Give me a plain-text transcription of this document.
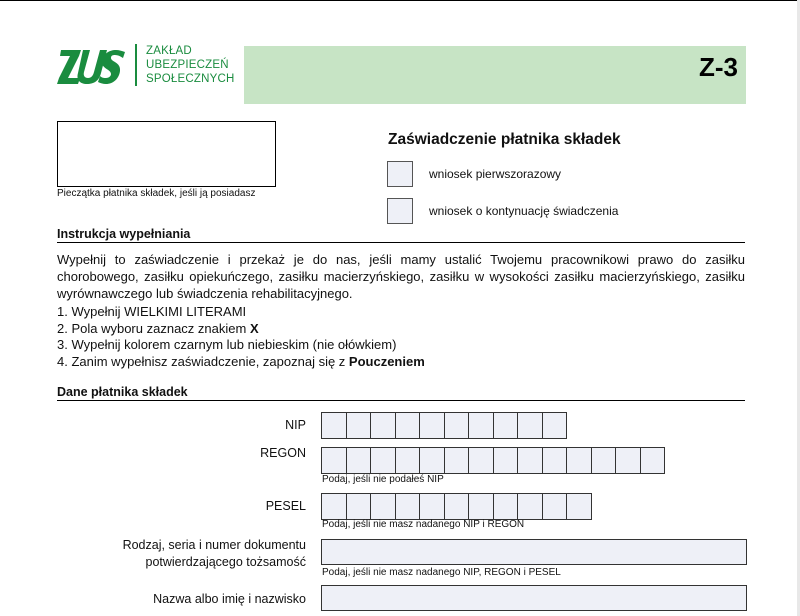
ZAKŁAD
UBEZPIECZEŃ
SPOŁECZNYCH	Z-3
Pieczątka płatnika składek, jeśli ją posiadasz
Zaświadczenie płatnika składek
wniosek pierwszorazowy
wniosek o kontynuację świadczenia
Instrukcja wypełniania
Wypełnij to zaświadczenie i przekaż je do nas, jeśli mamy ustalić Twojemu pracownikowi prawo do zasiłku chorobowego, zasiłku opiekuńczego, zasiłku macierzyńskiego, zasiłku w wysokości zasiłku macierzyńskiego, zasiłku wyrównawczego lub świadczenia rehabilitacyjnego.
1. Wypełnij WIELKIMI LITERAMI
2. Pola wyboru zaznacz znakiem X
3. Wypełnij kolorem czarnym lub niebieskim (nie ołówkiem)
4. Zanim wypełnisz zaświadczenie, zapoznaj się z Pouczeniem
Dane płatnika składek
NIP
REGON
Podaj, jeśli nie podałeś NIP
PESEL
Podaj, jeśli nie masz nadanego NIP i REGON
Rodzaj, seria i numer dokumentu
potwierdzającego tożsamość
Podaj, jeśli nie masz nadanego NIP, REGON i PESEL
Nazwa albo imię i nazwisko
